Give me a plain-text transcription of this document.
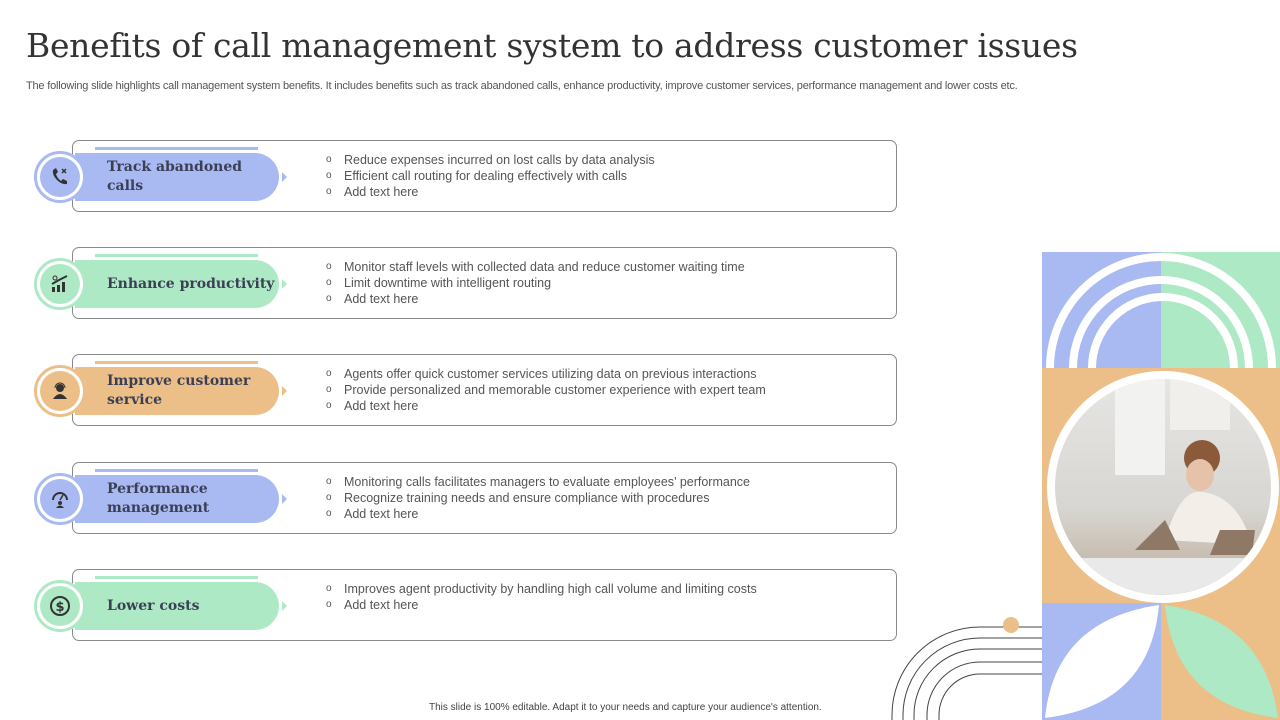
Benefits of call management system to address customer issues
The following slide highlights call management system benefits. It includes benefits such as track abandoned calls, enhance productivity, improve customer services, performance management and lower costs etc.
Track abandoned calls
o Reduce expenses incurred on lost calls by data analysis
o Efficient call routing for dealing effectively with calls
o Add text here
Enhance productivity
o Monitor staff levels with collected data and reduce customer waiting time
o Limit downtime with intelligent routing
o Add text here
Improve customer service
o Agents offer quick customer services utilizing data on previous interactions
o Provide personalized and memorable customer experience with expert team
o Add text here
Performance management
o Monitoring calls facilitates managers to evaluate employees’ performance
o Recognize training needs and ensure compliance with procedures
o Add text here
Lower costs
$
o Improves agent productivity by handling high call volume and limiting costs
o Add text here
This slide is 100% editable. Adapt it to your needs and capture your audience's attention.
